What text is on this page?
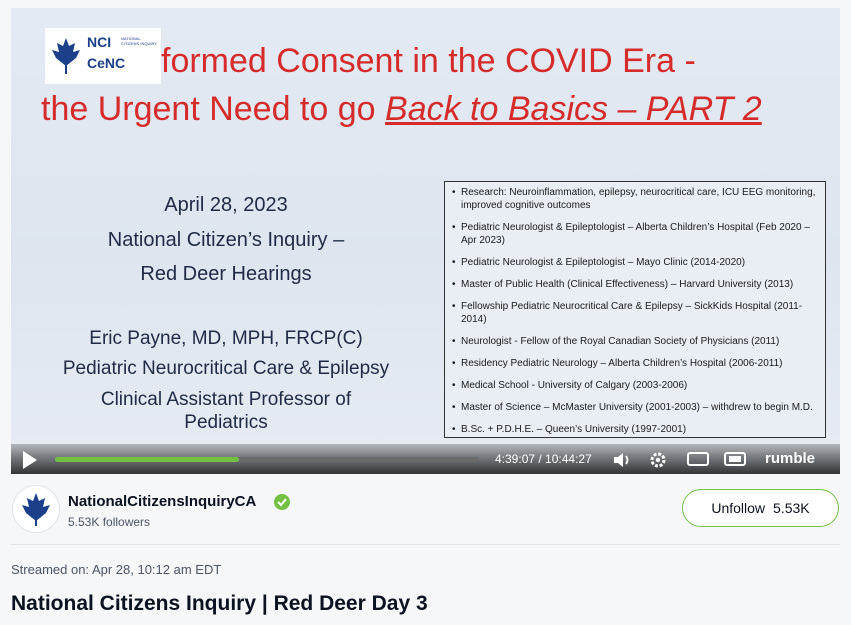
NCI
CeNC
NATIONAL CITIZENS INQUIRY formed Consent in the COVID Era -
the Urgent Need to go Back to Basics – PART 2
April 28, 2023
National Citizen’s Inquiry –
Red Deer Hearings
Eric Payne, MD, MPH, FRCP(C)
Pediatric Neurocritical Care & Epilepsy
Clinical Assistant Professor of
Pediatrics
• Research: Neuroinflammation, epilepsy, neurocritical care, ICU EEG monitoring, improved cognitive outcomes
• Pediatric Neurologist & Epileptologist – Alberta Children’s Hospital (Feb 2020 – Apr 2023)
• Pediatric Neurologist & Epileptologist – Mayo Clinic (2014-2020)
• Master of Public Health (Clinical Effectiveness) – Harvard University (2013)
• Fellowship Pediatric Neurocritical Care & Epilepsy – SickKids Hospital (2011-2014)
• Neurologist - Fellow of the Royal Canadian Society of Physicians (2011)
• Residency Pediatric Neurology – Alberta Children’s Hospital (2006-2011)
• Medical School - University of Calgary (2003-2006)
• Master of Science – McMaster University (2001-2003) – withdrew to begin M.D.
• B.Sc. + P.D.H.E. – Queen’s University (1997-2001)
4:39:07 / 10:44:27	rumble
NationalCitizensInquiryCA
5.53K followers
Unfollow 5.53K
Streamed on: Apr 28, 10:12 am EDT
National Citizens Inquiry | Red Deer Day 3
